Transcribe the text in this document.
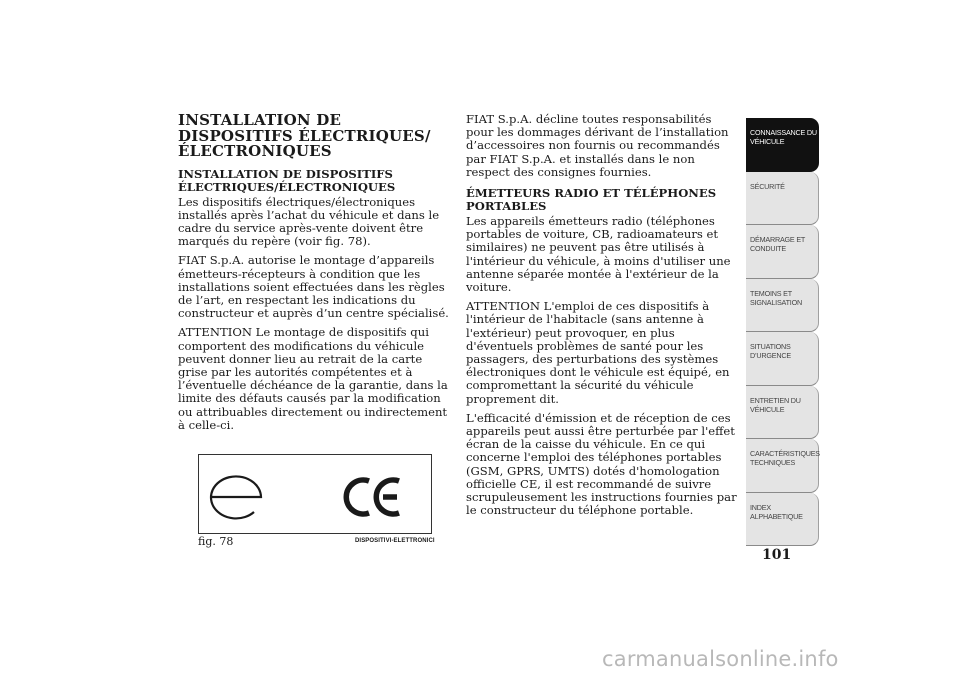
INSTALLATION DE DISPOSITIFS ÉLECTRIQUES/ÉLECTRONIQUES
INSTALLATION DE DISPOSITIFS ÉLECTRIQUES/ÉLECTRONIQUES

Les dispositifs électriques/électroniques installés après l’achat du véhicule et dans le cadre du service après-vente doivent être marqués du repère (voir fig. 78).

FIAT S.p.A. autorise le montage d’appareils émetteurs-récepteurs à condition que les installations soient effectuées dans les règles de l’art, en respectant les indications du constructeur et auprès d’un centre spécialisé.

ATTENTION Le montage de dispositifs qui comportent des modifications du véhicule peuvent donner lieu au retrait de la carte grise par les autorités compétentes et à l’éventuelle déchéance de la garantie, dans la limite des défauts causés par la modification ou attribuables directement ou indirectement à celle-ci.

fig. 78	DISPOSITIVI-ELETTRONICI

FIAT S.p.A. décline toutes responsabilités pour les dommages dérivant de l’installation d’accessoires non fournis ou recommandés par FIAT S.p.A. et installés dans le non respect des consignes fournies.

ÉMETTEURS RADIO ET TÉLÉPHONES PORTABLES

Les appareils émetteurs radio (téléphones portables de voiture, CB, radioamateurs et similaires) ne peuvent pas être utilisés à l'intérieur du véhicule, à moins d'utiliser une antenne séparée montée à l'extérieur de la voiture.

ATTENTION L'emploi de ces dispositifs à l'intérieur de l'habitacle (sans antenne à l'extérieur) peut provoquer, en plus d'éventuels problèmes de santé pour les passagers, des perturbations des systèmes électroniques dont le véhicule est équipé, en compromettant la sécurité du véhicule proprement dit.

L'efficacité d'émission et de réception de ces appareils peut aussi être perturbée par l'effet écran de la caisse du véhicule. En ce qui concerne l'emploi des téléphones portables (GSM, GPRS, UMTS) dotés d'homologation officielle CE, il est recommandé de suivre scrupuleusement les instructions fournies par le constructeur du téléphone portable.

CONNAISSANCE DU VÉHICULE
SÉCURITÉ
DÉMARRAGE ET CONDUITE
TEMOINS ET SIGNALISATION
SITUATIONS D’URGENCE
ENTRETIEN DU VÉHICULE
CARACTÉRISTIQUES TECHNIQUES
INDEX ALPHABETIQUE
101
carmanualsonline.info
